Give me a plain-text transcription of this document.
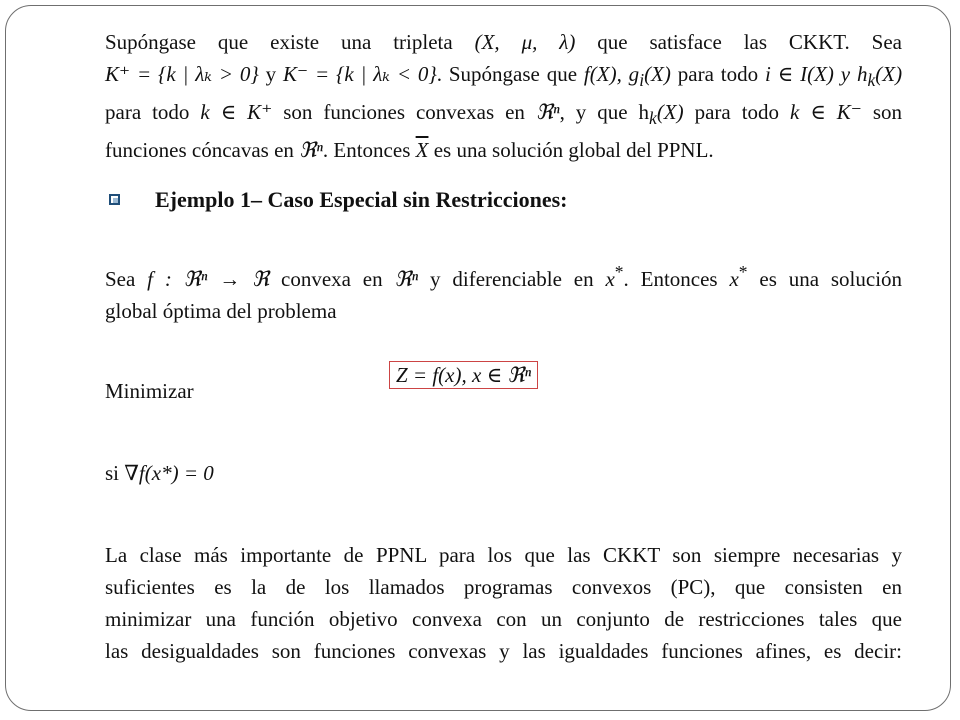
Supóngase que existe una tripleta (X, μ, λ) que satisface las CKKT. Sea
K⁺ = {k | λₖ > 0} y K⁻ = {k | λₖ < 0}. Supóngase que f(X), $g_i(X)$ para todo i ∈ I(X) y $h_k(X)$
para todo k ∈ K⁺ son funciones convexas en ℜⁿ, y que $h_k(X)$ para todo k ∈ K⁻ son
funciones cóncavas en ℜⁿ. Entonces $\overline{X}$ es una solución global del PPNL.
Ejemplo 1– Caso Especial sin Restricciones:
Sea f : ℜⁿ → ℜ convexa en ℜⁿ y diferenciable en x*. Entonces x* es una solución
global óptima del problema
Minimizar
Z = f(x), x ∈ ℜⁿ
si ∇f(x*) = 0
La clase más importante de PPNL para los que las CKKT son siempre necesarias y
suficientes es la de los llamados programas convexos (PC), que consisten en
minimizar una función objetivo convexa con un conjunto de restricciones tales que
las desigualdades son funciones convexas y las igualdades funciones afines, es decir:
